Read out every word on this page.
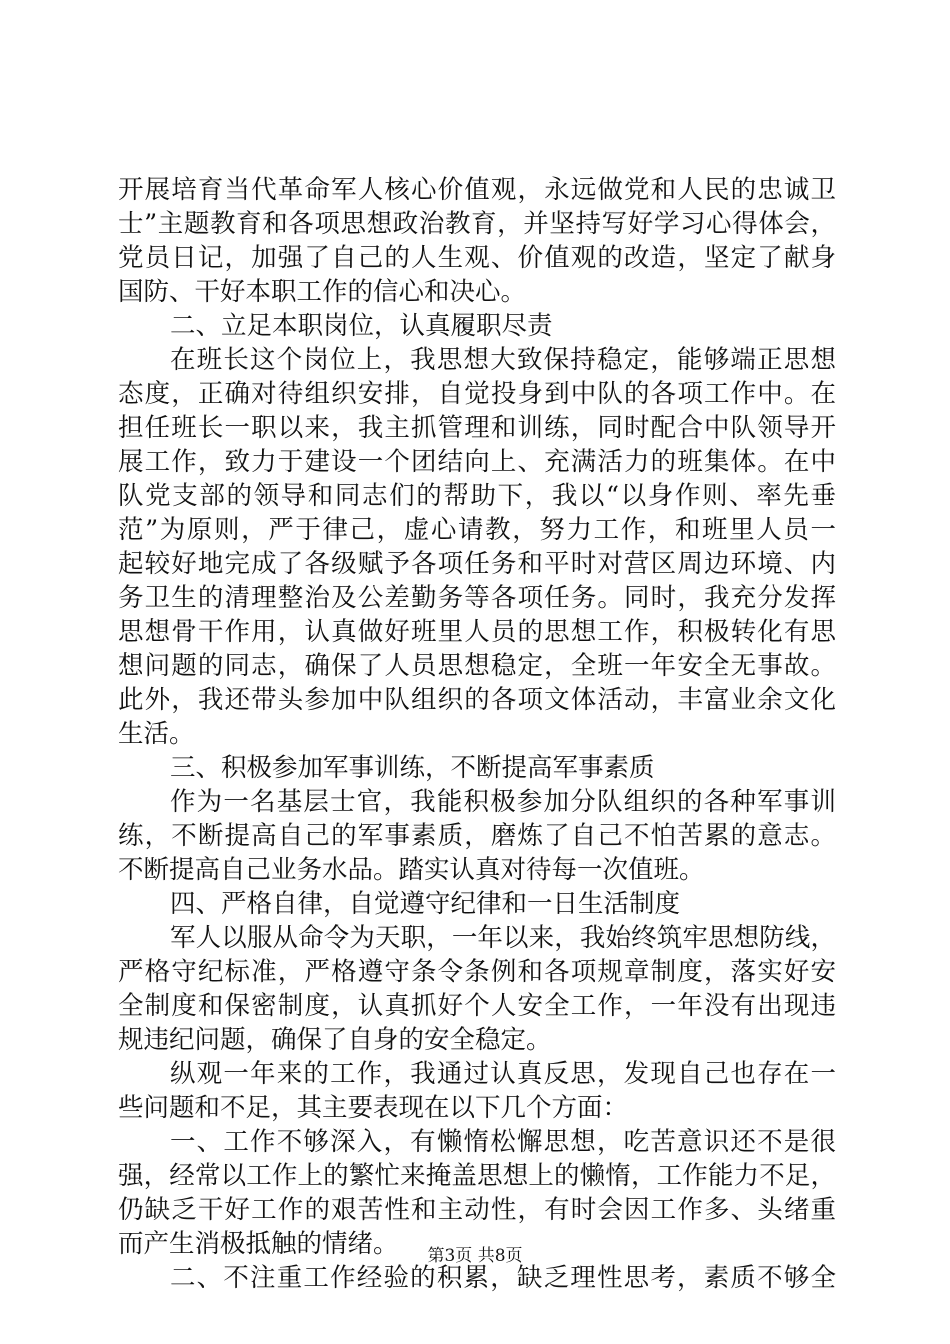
开展培育当代革命军人核心价值观，永远做党和人民的忠诚卫
士”主题教育和各项思想政治教育，并坚持写好学习心得体会，
党员日记，加强了自己的人生观、价值观的改造，坚定了献身
国防、干好本职工作的信心和决心。
二、立足本职岗位，认真履职尽责
在班长这个岗位上，我思想大致保持稳定，能够端正思想
态度，正确对待组织安排，自觉投身到中队的各项工作中。在
担任班长一职以来，我主抓管理和训练，同时配合中队领导开
展工作，致力于建设一个团结向上、充满活力的班集体。在中
队党支部的领导和同志们的帮助下，我以“以身作则、率先垂
范”为原则，严于律己，虚心请教，努力工作，和班里人员一
起较好地完成了各级赋予各项任务和平时对营区周边环境、内
务卫生的清理整治及公差勤务等各项任务。同时，我充分发挥
思想骨干作用，认真做好班里人员的思想工作，积极转化有思
想问题的同志，确保了人员思想稳定，全班一年安全无事故。
此外，我还带头参加中队组织的各项文体活动，丰富业余文化
生活。
三、积极参加军事训练，不断提高军事素质
作为一名基层士官，我能积极参加分队组织的各种军事训
练，不断提高自己的军事素质，磨炼了自己不怕苦累的意志。
不断提高自己业务水品。踏实认真对待每一次值班。
四、严格自律，自觉遵守纪律和一日生活制度
军人以服从命令为天职，一年以来，我始终筑牢思想防线，
严格守纪标准，严格遵守条令条例和各项规章制度，落实好安
全制度和保密制度，认真抓好个人安全工作，一年没有出现违
规违纪问题，确保了自身的安全稳定。
纵观一年来的工作，我通过认真反思，发现自己也存在一
些问题和不足，其主要表现在以下几个方面：
一、工作不够深入，有懒惰松懈思想，吃苦意识还不是很
强，经常以工作上的繁忙来掩盖思想上的懒惰，工作能力不足，
仍缺乏干好工作的艰苦性和主动性，有时会因工作多、头绪重
而产生消极抵触的情绪。
二、不注重工作经验的积累，缺乏理性思考，素质不够全
第3页 共8页
